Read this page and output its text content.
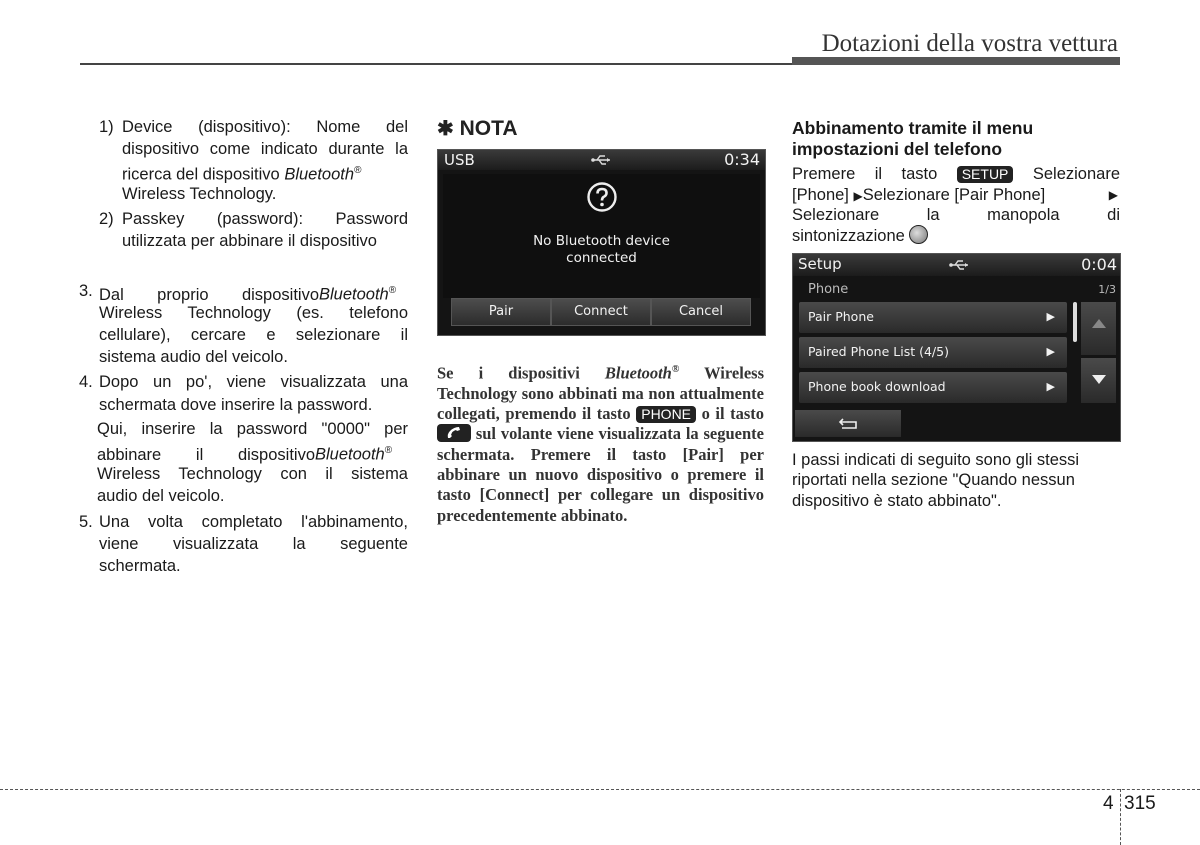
Dotazioni della vostra vettura
1) Device (dispositivo): Nome del
dispositivo come indicato durante la
ricerca del dispositivo Bluetooth®
Wireless Technology.
2) Passkey (password): Password
utilizzata per abbinare il dispositivo
3. Dal proprio dispositivoBluetooth®
Wireless Technology (es. telefono
cellulare), cercare e selezionare il
sistema audio del veicolo.
4. Dopo un po', viene visualizzata una
schermata dove inserire la password.
Qui, inserire la password "0000" per
abbinare il dispositivoBluetooth®
Wireless Technology con il sistema
audio del veicolo.
5. Una volta completato l'abbinamento,
viene visualizzata la seguente
schermata.
✱ NOTA
USB	0:34
No Bluetooth device
connected
Pair	Connect	Cancel
Se i dispositivi Bluetooth® Wireless Technology sono abbinati ma non attualmente collegati, premendo il tasto PHONE o il tasto
sul volante viene visualizzata la seguente schermata. Premere il tasto [Pair] per abbinare un nuovo dispositivo o premere il tasto [Connect] per collegare un dispositivo precedentemente abbinato.
Abbinamento tramite il menu impostazioni del telefono
Premere il tasto SETUP Selezionare
[Phone] ▶Selezionare [Pair Phone]	▶
Selezionare la manopola di
sintonizzazione
Setup	0:04
Phone	1/3
Pair Phone	▶
Paired Phone List (4/5)	▶
Phone book download	▶
I passi indicati di seguito sono gli stessi riportati nella sezione "Quando nessun dispositivo è stato abbinato".
4 315
